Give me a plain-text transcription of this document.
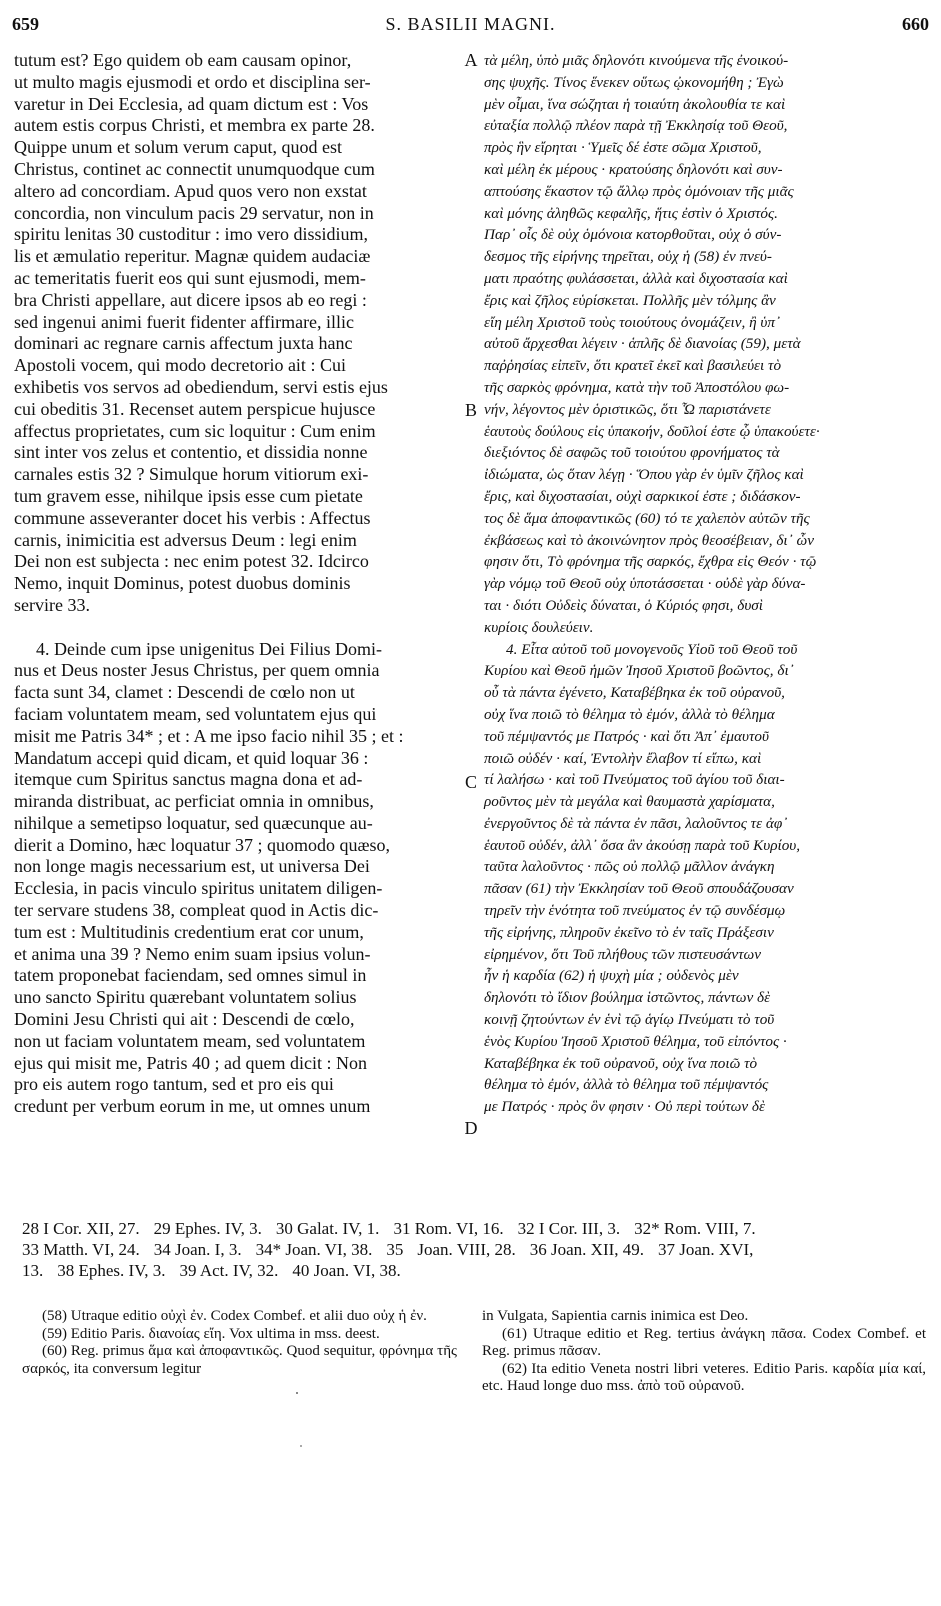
659	S. BASILII MAGNI.	660

tutum est? Ego quidem ob eam causam opinor,

ut multo magis ejusmodi et ordo et disciplina ser-

varetur in Dei Ecclesia, ad quam dictum est : Vos

autem estis corpus Christi, et membra ex parte 28.

Quippe unum et solum verum caput, quod est

Christus, continet ac connectit unumquodque cum

altero ad concordiam. Apud quos vero non exstat

concordia, non vinculum pacis 29 servatur, non in

spiritu lenitas 30 custoditur : imo vero dissidium,

lis et æmulatio reperitur. Magnæ quidem audaciæ

ac temeritatis fuerit eos qui sunt ejusmodi, mem-

bra Christi appellare, aut dicere ipsos ab eo regi :

sed ingenui animi fuerit fidenter affirmare, illic

dominari ac regnare carnis affectum juxta hanc

Apostoli vocem, qui modo decretorio ait : Cui

exhibetis vos servos ad obediendum, servi estis ejus

cui obeditis 31. Recenset autem perspicue hujusce

affectus proprietates, cum sic loquitur : Cum enim

sint inter vos zelus et contentio, et dissidia nonne

carnales estis 32 ? Simulque horum vitiorum exi-

tum gravem esse, nihilque ipsis esse cum pietate

commune asseveranter docet his verbis : Affectus

carnis, inimicitia est adversus Deum : legi enim

Dei non est subjecta : nec enim potest 32. Idcirco

Nemo, inquit Dominus, potest duobus dominis

servire 33.

4. Deinde cum ipse unigenitus Dei Filius Domi-

nus et Deus noster Jesus Christus, per quem omnia

facta sunt 34, clamet : Descendi de cœlo non ut

faciam voluntatem meam, sed voluntatem ejus qui

misit me Patris 34* ; et : A me ipso facio nihil 35 ; et :

Mandatum accepi quid dicam, et quid loquar 36 :

itemque cum Spiritus sanctus magna dona et ad-

miranda distribuat, ac perficiat omnia in omnibus,

nihilque a semetipso loquatur, sed quæcunque au-

dierit a Domino, hæc loquatur 37 ; quomodo quæso,

non longe magis necessarium est, ut universa Dei

Ecclesia, in pacis vinculo spiritus unitatem diligen-

ter servare studens 38, compleat quod in Actis dic-

tum est : Multitudinis credentium erat cor unum,

et anima una 39 ? Nemo enim suam ipsius volun-

tatem proponebat faciendam, sed omnes simul in

uno sancto Spiritu quærebant voluntatem solius

Domini Jesu Christi qui ait : Descendi de cœlo,

non ut faciam voluntatem meam, sed voluntatem

ejus qui misit me, Patris 40 ; ad quem dicit : Non

pro eis autem rogo tantum, sed et pro eis qui

credunt per verbum eorum in me, ut omnes unum

A
B
C
D

τὰ μέλη, ὑπὸ μιᾶς δηλονότι κινούμενα τῆς ἐνοικού-

σης ψυχῆς. Τίνος ἕνεκεν οὕτως ᾠκονομήθη ; Ἐγὼ

μὲν οἶμαι, ἵνα σώζηται ἡ τοιαύτη ἀκολουθία τε καὶ

εὐταξία πολλῷ πλέον παρὰ τῇ Ἐκκλησίᾳ τοῦ Θεοῦ,

πρὸς ἣν εἴρηται · Ὑμεῖς δέ ἐστε σῶμα Χριστοῦ,

καὶ μέλη ἐκ μέρους · κρατούσης δηλονότι καὶ συν-

απτούσης ἕκαστον τῷ ἄλλῳ πρὸς ὁμόνοιαν τῆς μιᾶς

καὶ μόνης ἀληθῶς κεφαλῆς, ἥτις ἐστὶν ὁ Χριστός.

Παρ᾽ οἷς δὲ οὐχ ὁμόνοια κατορθοῦται, οὐχ ὁ σύν-

δεσμος τῆς εἰρήνης τηρεῖται, οὐχ ἡ (58) ἐν πνεύ-

ματι πραότης φυλάσσεται, ἀλλὰ καὶ διχοστασία καὶ

ἔρις καὶ ζῆλος εὑρίσκεται. Πολλῆς μὲν τόλμης ἂν

εἴη μέλη Χριστοῦ τοὺς τοιούτους ὀνομάζειν, ἢ ὑπ᾽

αὐτοῦ ἄρχεσθαι λέγειν · ἁπλῆς δὲ διανοίας (59), μετὰ

παῤῥησίας εἰπεῖν, ὅτι κρατεῖ ἐκεῖ καὶ βασιλεύει τὸ

τῆς σαρκὸς φρόνημα, κατὰ τὴν τοῦ Ἀποστόλου φω-

νήν, λέγοντος μὲν ὁριστικῶς, ὅτι Ὧ παριστάνετε

ἑαυτοὺς δούλους εἰς ὑπακοήν, δοῦλοί ἐστε ᾧ ὑπακούετε·

διεξιόντος δὲ σαφῶς τοῦ τοιούτου φρονήματος τὰ

ἰδιώματα, ὡς ὅταν λέγῃ · Ὅπου γὰρ ἐν ὑμῖν ζῆλος καὶ

ἔρις, καὶ διχοστασίαι, οὐχὶ σαρκικοί ἐστε ; διδάσκον-

τος δὲ ἅμα ἀποφαντικῶς (60) τό τε χαλεπὸν αὐτῶν τῆς

ἐκβάσεως καὶ τὸ ἀκοινώνητον πρὸς θεοσέβειαν, δι᾽ ὧν

φησιν ὅτι, Τὸ φρόνημα τῆς σαρκός, ἔχθρα εἰς Θεόν · τῷ

γὰρ νόμῳ τοῦ Θεοῦ οὐχ ὑποτάσσεται · οὐδὲ γὰρ δύνα-

ται · διότι Οὐδεὶς δύναται, ὁ Κύριός φησι, δυσὶ

κυρίοις δουλεύειν.

4. Εἶτα αὐτοῦ τοῦ μονογενοῦς Υἱοῦ τοῦ Θεοῦ τοῦ

Κυρίου καὶ Θεοῦ ἡμῶν Ἰησοῦ Χριστοῦ βοῶντος, δι᾽

οὗ τὰ πάντα ἐγένετο, Καταβέβηκα ἐκ τοῦ οὐρανοῦ,

οὐχ ἵνα ποιῶ τὸ θέλημα τὸ ἐμόν, ἀλλὰ τὸ θέλημα

τοῦ πέμψαντός με Πατρός · καὶ ὅτι Ἀπ᾽ ἐμαυτοῦ

ποιῶ οὐδέν · καί, Ἐντολὴν ἔλαβον τί εἴπω, καὶ

τί λαλήσω · καὶ τοῦ Πνεύματος τοῦ ἁγίου τοῦ διαι-

ροῦντος μὲν τὰ μεγάλα καὶ θαυμαστὰ χαρίσματα,

ἐνεργοῦντος δὲ τὰ πάντα ἐν πᾶσι, λαλοῦντος τε ἀφ᾽

ἑαυτοῦ οὐδέν, ἀλλ᾽ ὅσα ἂν ἀκούσῃ παρὰ τοῦ Κυρίου,

ταῦτα λαλοῦντος · πῶς οὐ πολλῷ μᾶλλον ἀνάγκη

πᾶσαν (61) τὴν Ἐκκλησίαν τοῦ Θεοῦ σπουδάζουσαν

τηρεῖν τὴν ἑνότητα τοῦ πνεύματος ἐν τῷ συνδέσμῳ

τῆς εἰρήνης, πληροῦν ἐκεῖνο τὸ ἐν ταῖς Πράξεσιν

εἰρημένον, ὅτι Τοῦ πλήθους τῶν πιστευσάντων

ἦν ἡ καρδία (62) ἡ ψυχὴ μία ; οὐδενὸς μὲν

δηλονότι τὸ ἴδιον βούλημα ἱστῶντος, πάντων δὲ

κοινῇ ζητούντων ἐν ἑνὶ τῷ ἁγίῳ Πνεύματι τὸ τοῦ

ἑνὸς Κυρίου Ἰησοῦ Χριστοῦ θέλημα, τοῦ εἰπόντος ·

Καταβέβηκα ἐκ τοῦ οὐρανοῦ, οὐχ ἵνα ποιῶ τὸ

θέλημα τὸ ἐμόν, ἀλλὰ τὸ θέλημα τοῦ πέμψαντός

με Πατρός · πρὸς ὃν φησιν · Οὐ περὶ τούτων δὲ

28 I Cor. XII, 27. 29 Ephes. IV, 3. 30 Galat. IV, 1. 31 Rom. VI, 16. 32 I Cor. III, 3. 32* Rom. VIII, 7.
33 Matth. VI, 24. 34 Joan. I, 3. 34* Joan. VI, 38. 35 Joan. VIII, 28. 36 Joan. XII, 49. 37 Joan. XVI,
13. 38 Ephes. IV, 3. 39 Act. IV, 32. 40 Joan. VI, 38.

(58) Utraque editio οὐχὶ ἐν. Codex Combef. et alii duo οὐχ ἡ ἐν.

(59) Editio Paris. διανοίας εἴη. Vox ultima in mss. deest.

(60) Reg. primus ἅμα καὶ ἀποφαντικῶς. Quod sequitur, φρόνημα τῆς σαρκός, ita conversum legitur

in Vulgata, Sapientia carnis inimica est Deo.

(61) Utraque editio et Reg. tertius ἀνάγκη πᾶσα. Codex Combef. et Reg. primus πᾶσαν.

(62) Ita editio Veneta nostri libri veteres. Editio Paris. καρδία μία καί, etc. Haud longe duo mss. ἀπὸ τοῦ οὐρανοῦ.
